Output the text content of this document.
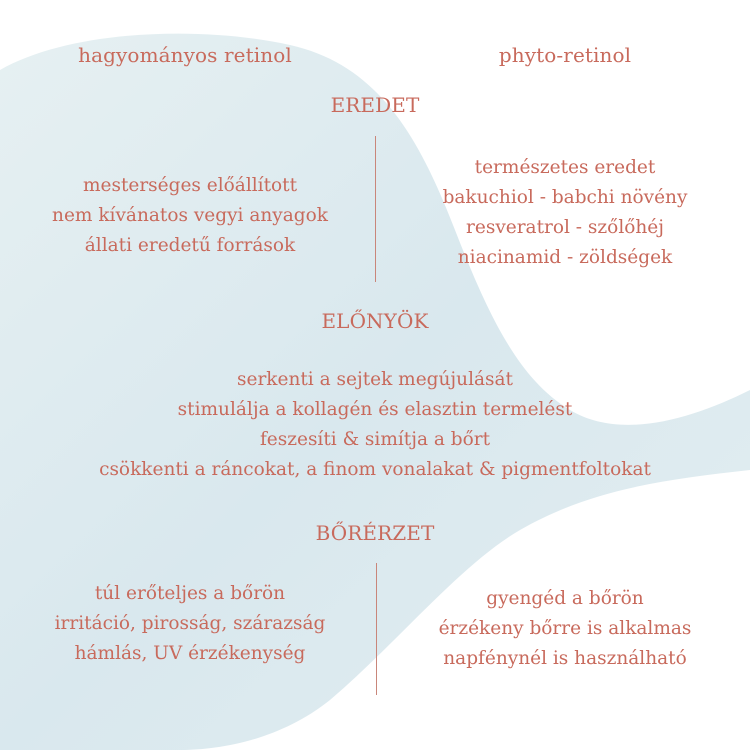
hagyományos retinol	phyto-retinol
EREDET
mesterséges előállított
nem kívánatos vegyi anyagok
állati eredetű források
természetes eredet
bakuchiol - babchi növény
resveratrol - szőlőhéj
niacinamid - zöldségek
ELŐNYÖK
serkenti a sejtek megújulását
stimulálja a kollagén és elasztin termelést
feszesíti & simítja a bőrt
csökkenti a ráncokat, a finom vonalakat & pigmentfoltokat
BŐRÉRZET
túl erőteljes a bőrön
irritáció, pirosság, szárazság
hámlás, UV érzékenység
gyengéd a bőrön
érzékeny bőrre is alkalmas
napfénynél is használható
